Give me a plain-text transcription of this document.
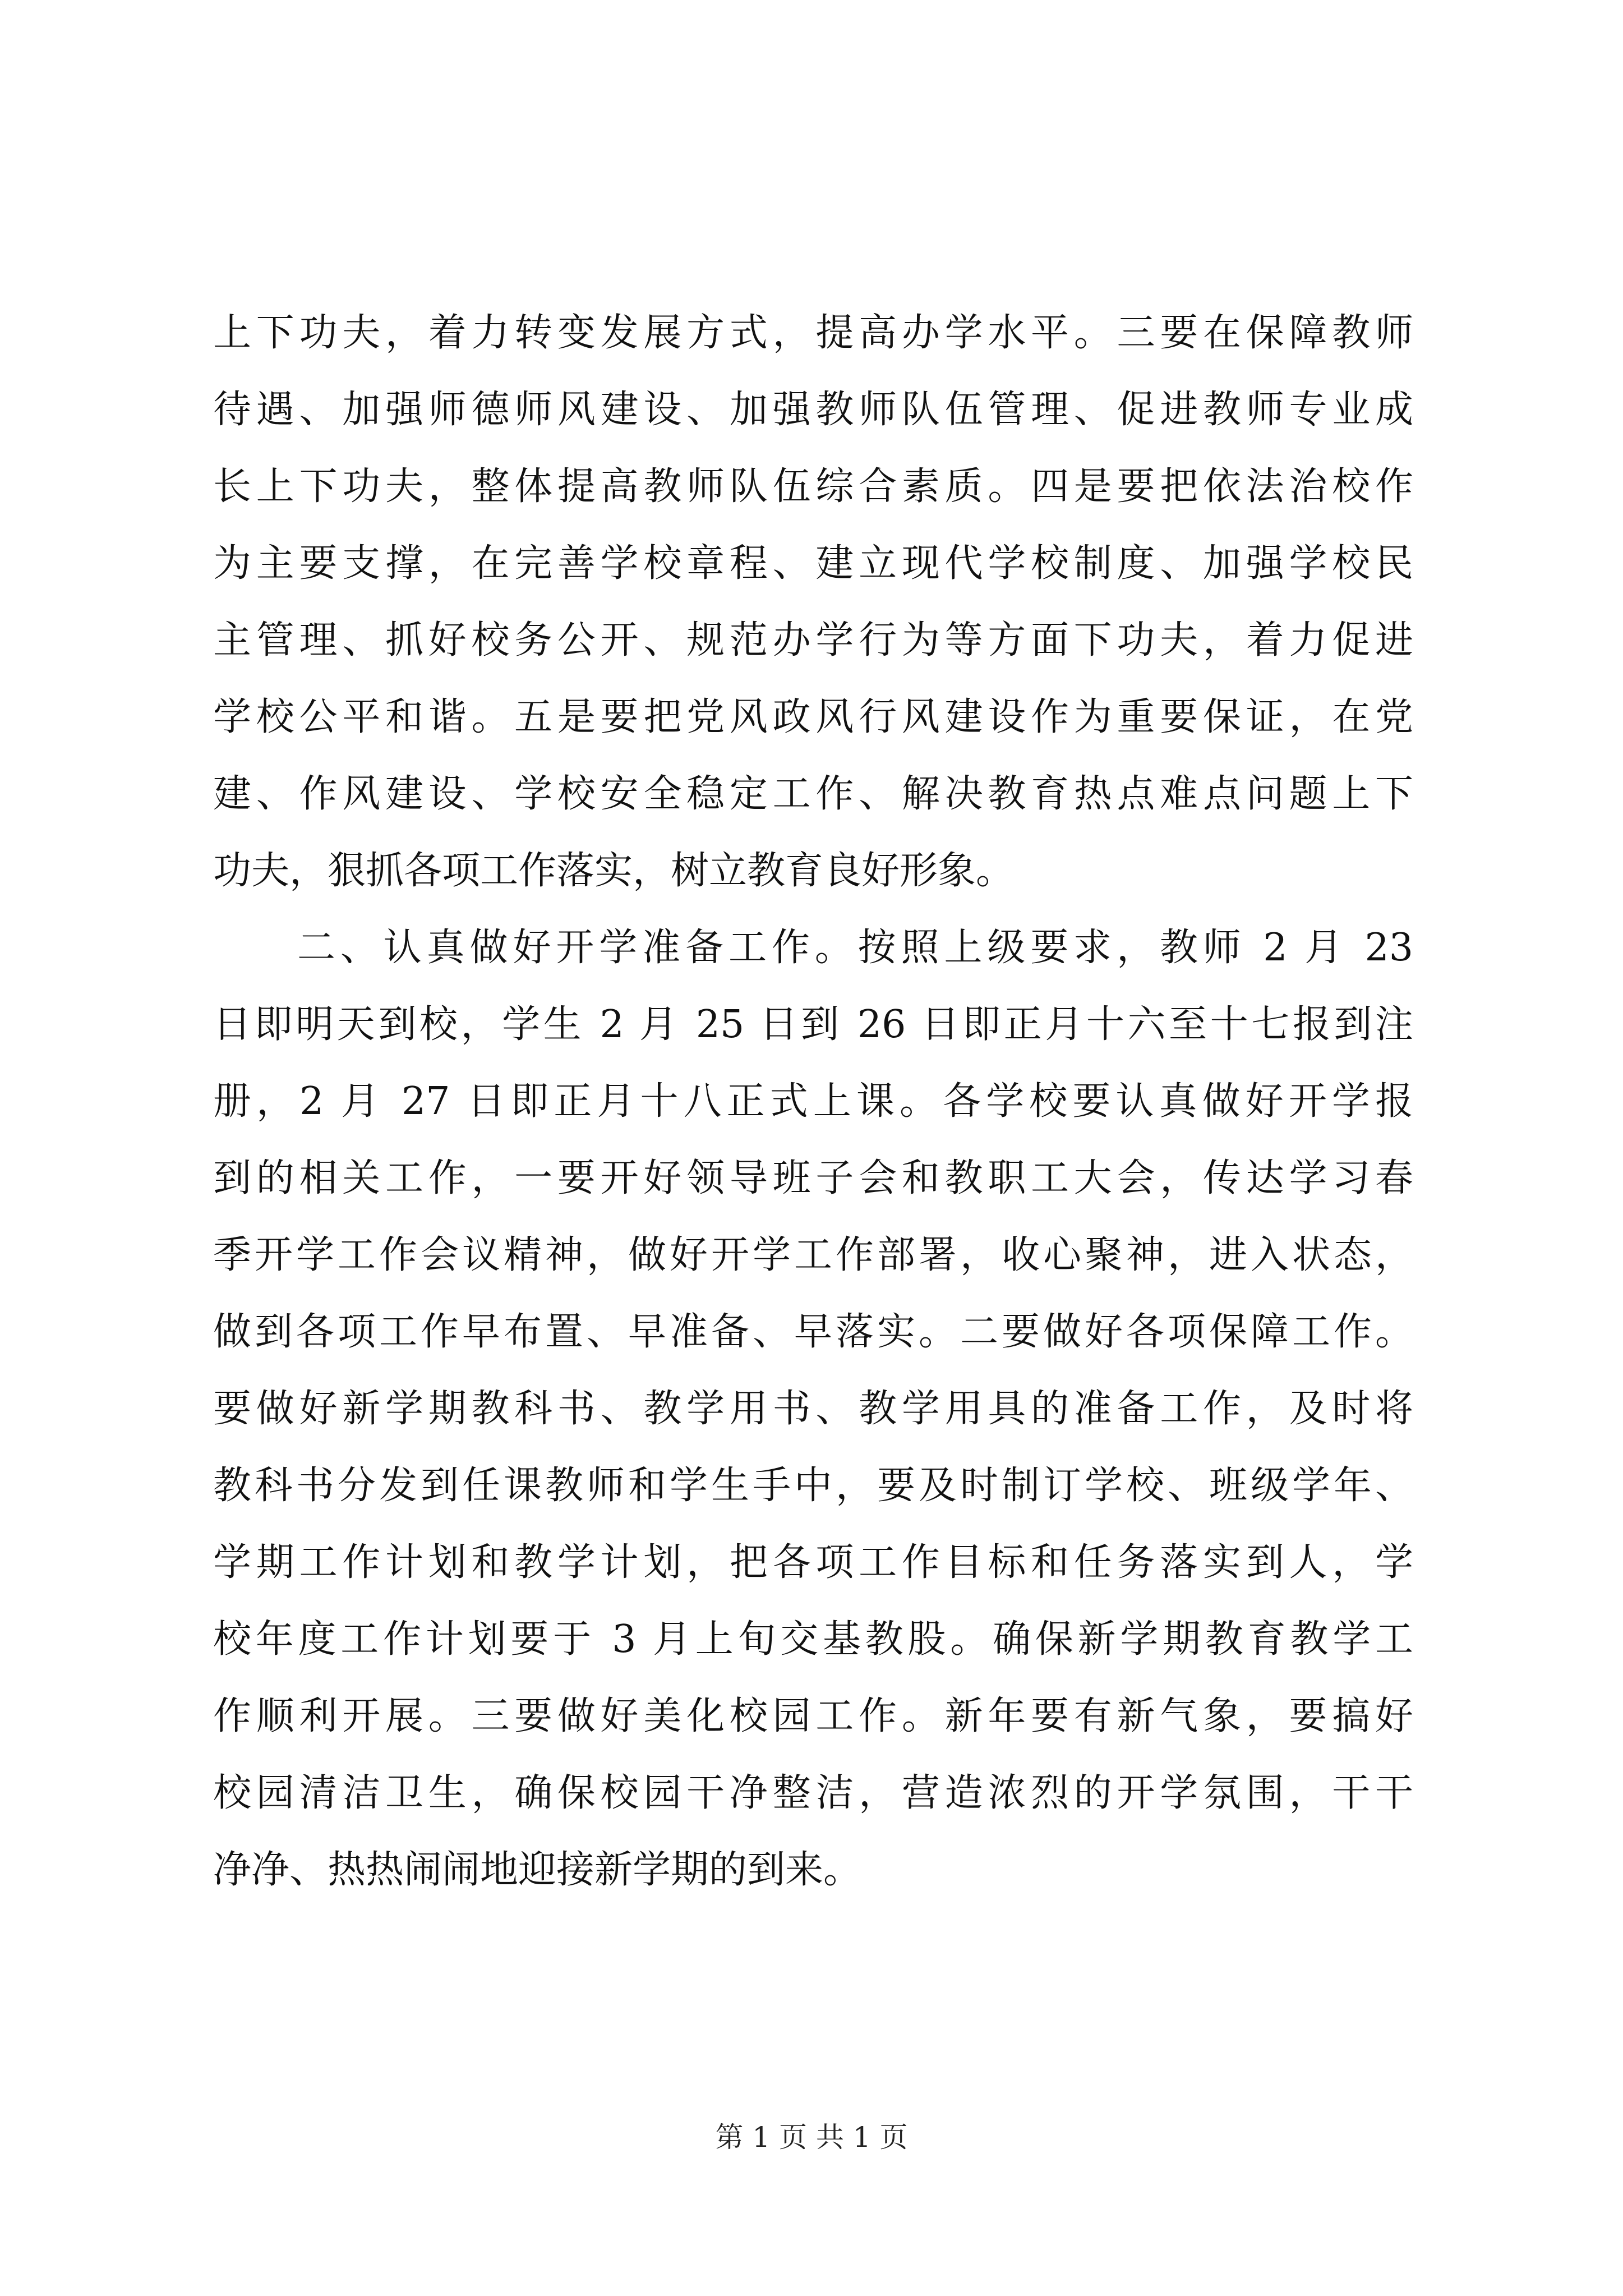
上下功夫，着力转变发展方式，提高办学水平。三要在保障教师
待遇、加强师德师风建设、加强教师队伍管理、促进教师专业成
长上下功夫，整体提高教师队伍综合素质。四是要把依法治校作
为主要支撑，在完善学校章程、建立现代学校制度、加强学校民
主管理、抓好校务公开、规范办学行为等方面下功夫，着力促进
学校公平和谐。五是要把党风政风行风建设作为重要保证，在党
建、作风建设、学校安全稳定工作、解决教育热点难点问题上下
功夫，狠抓各项工作落实，树立教育良好形象。
二、认真做好开学准备工作。按照上级要求，教师 2 月 23
日即明天到校，学生 2 月 25 日到 26 日即正月十六至十七报到注
册，2 月 27 日即正月十八正式上课。各学校要认真做好开学报
到的相关工作，一要开好领导班子会和教职工大会，传达学习春
季开学工作会议精神，做好开学工作部署，收心聚神，进入状态，
做到各项工作早布置、早准备、早落实。二要做好各项保障工作。
要做好新学期教科书、教学用书、教学用具的准备工作，及时将
教科书分发到任课教师和学生手中，要及时制订学校、班级学年、
学期工作计划和教学计划，把各项工作目标和任务落实到人，学
校年度工作计划要于 3 月上旬交基教股。确保新学期教育教学工
作顺利开展。三要做好美化校园工作。新年要有新气象，要搞好
校园清洁卫生，确保校园干净整洁，营造浓烈的开学氛围，干干
净净、热热闹闹地迎接新学期的到来。
第 1 页 共 1 页
